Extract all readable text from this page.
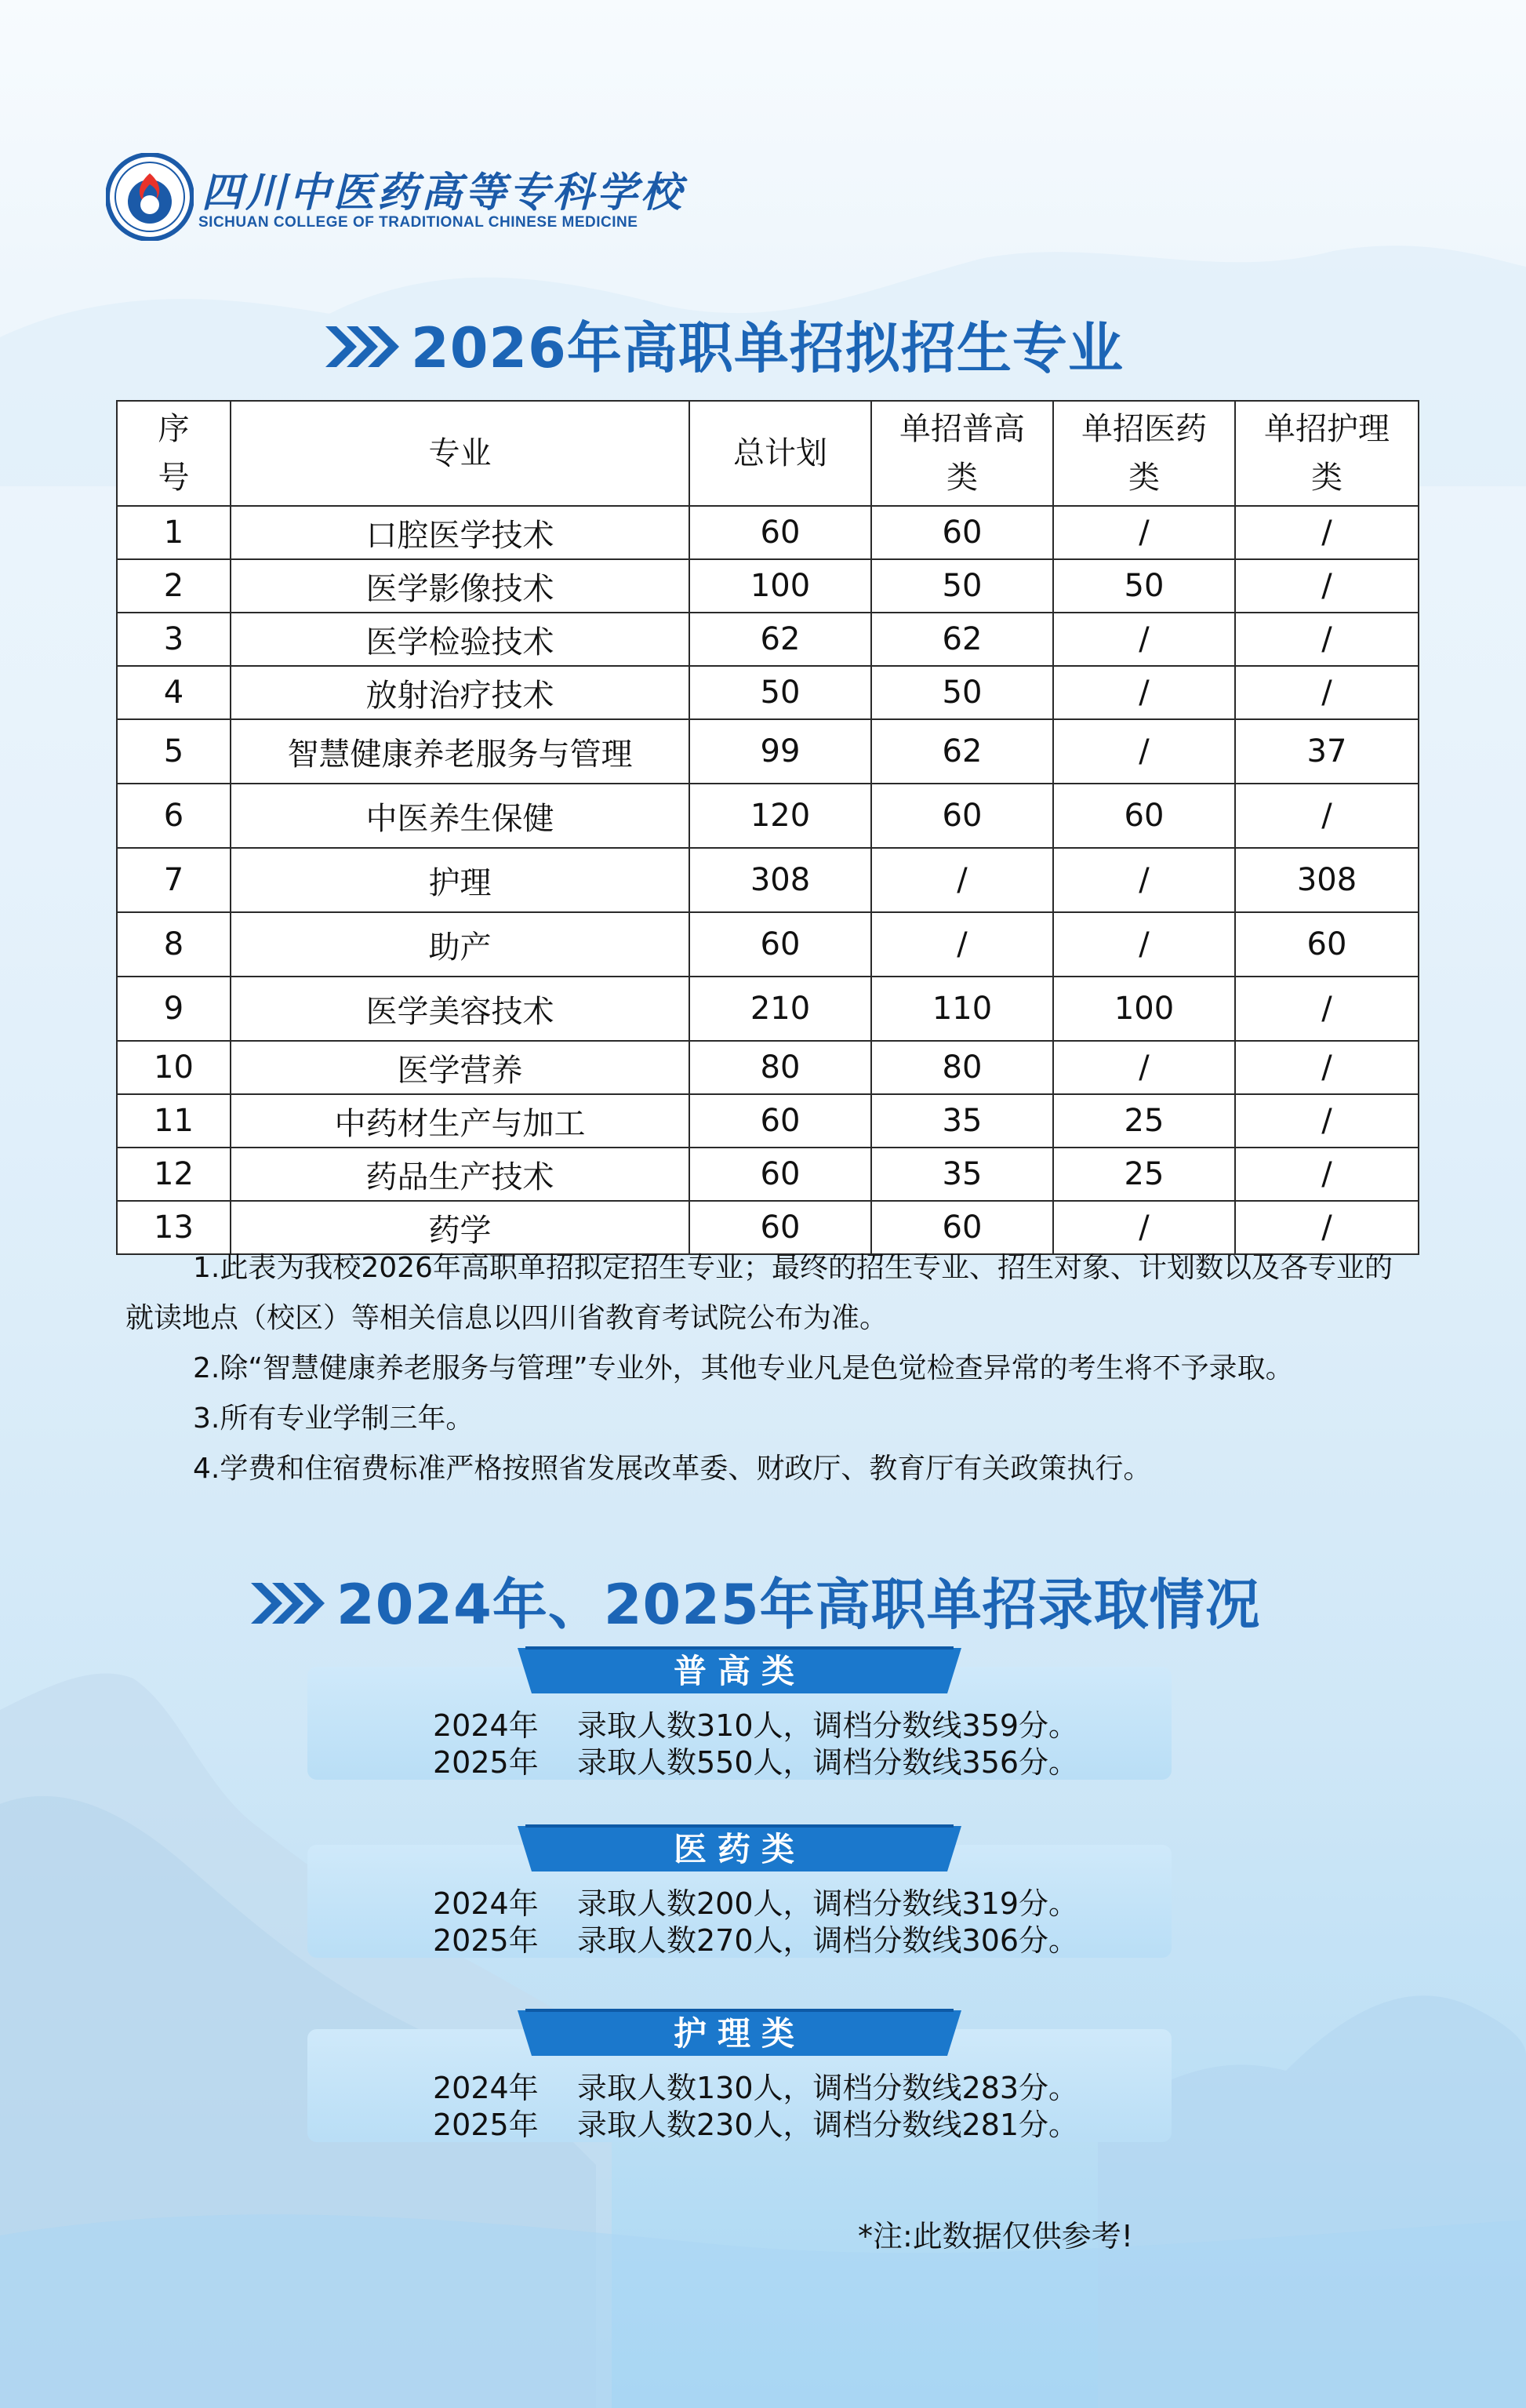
四川中医药高等专科学校
SICHUAN COLLEGE OF TRADITIONAL CHINESE MEDICINE
2026年高职单招拟招生专业
序号	专业	总计划	单招普高类	单招医药类	单招护理类

1	口腔医学技术	60	60	/	/
2	医学影像技术	100	50	50	/
3	医学检验技术	62	62	/	/
4	放射治疗技术	50	50	/	/
5	智慧健康养老服务与管理	99	62	/	37
6	中医养生保健	120	60	60	/
7	护理	308	/	/	308
8	助产	60	/	/	60
9	医学美容技术	210	110	100	/
10	医学营养	80	80	/	/
11	中药材生产与加工	60	35	25	/
12	药品生产技术	60	35	25	/
13	药学	60	60	/	/

1.此表为我校2026年高职单招拟定招生专业；最终的招生专业、招生对象、计划数以及各专业的就读地点（校区）等相关信息以四川省教育考试院公布为准。

2.除“智慧健康养老服务与管理”专业外，其他专业凡是色觉检查异常的考生将不予录取。

3.所有专业学制三年。

4.学费和住宿费标准严格按照省发展改革委、财政厅、教育厅有关政策执行。

2024年、2025年高职单招录取情况
普高类
2024年 录取人数310人，调档分数线359分。
2025年 录取人数550人，调档分数线356分。
医药类
2024年 录取人数200人，调档分数线319分。
2025年 录取人数270人，调档分数线306分。
护理类
2024年 录取人数130人，调档分数线283分。
2025年 录取人数230人，调档分数线281分。
*注:此数据仅供参考!
